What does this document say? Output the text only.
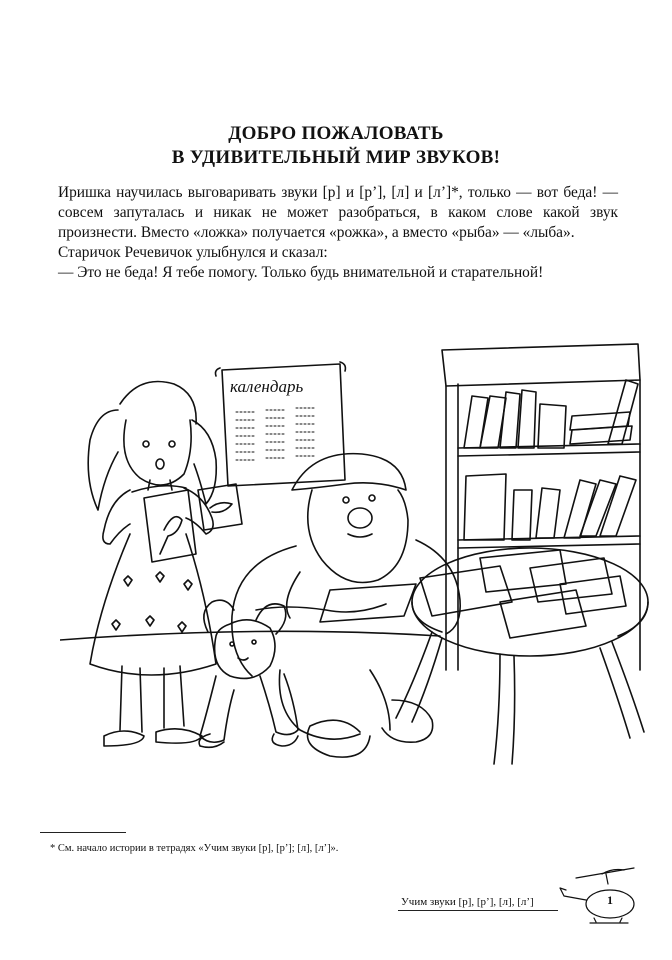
ДОБРО ПОЖАЛОВАТЬ
В УДИВИТЕЛЬНЫЙ МИР ЗВУКОВ!

Иришка научилась выговаривать звуки [р] и [р’], [л] и [л’]*, только — вот беда! — совсем запуталась и никак не может разобраться, в каком слове какой звук произнести. Вместо «ложка» получается «рожка», а вместо «рыба» — «лыба».

Старичок Речевичок улыбнулся и сказал:

— Это не беда! Я тебе помогу. Только будь внимательной и старательной!

календарь
* См. начало истории в тетрадях «Учим звуки [р], [р’]; [л], [л’]».
Учим звуки [р], [р’], [л], [л’]	1
